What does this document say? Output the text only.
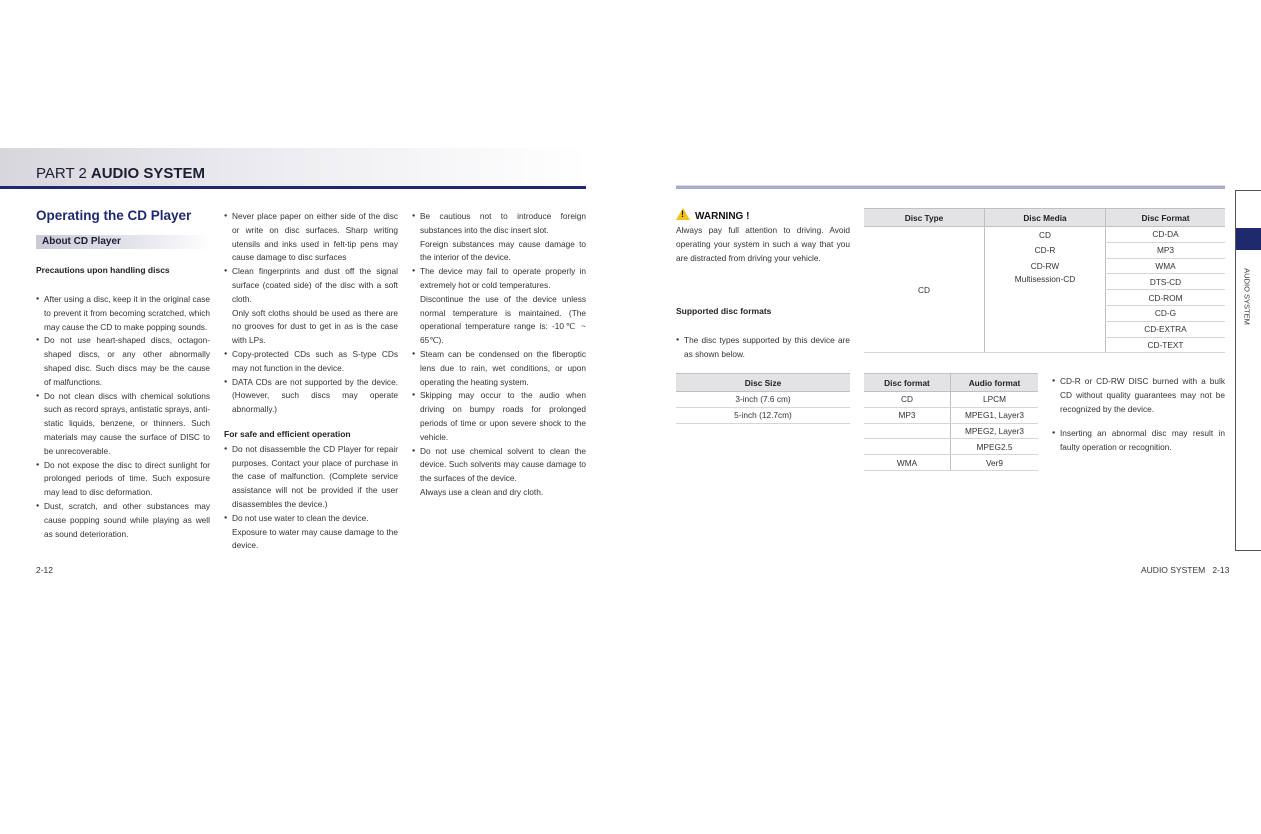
PART 2 AUDIO SYSTEM
Operating the CD Player
About CD Player
Precautions upon handling discs
● After using a disc, keep it in the original case to prevent it from becoming scratched, which may cause the CD to make popping sounds.
● Do not use heart-shaped discs, octagon-shaped discs, or any other abnormally shaped disc. Such discs may be the cause of malfunctions.
● Do not clean discs with chemical solutions such as record sprays, antistatic sprays, anti-static liquids, benzene, or thinners. Such materials may cause the surface of DISC to be unrecoverable.
● Do not expose the disc to direct sunlight for prolonged periods of time. Such exposure may lead to disc deformation.
● Dust, scratch, and other substances may cause popping sound while playing as well as sound deterioration.
● Never place paper on either side of the disc or write on disc surfaces. Sharp writing utensils and inks used in felt-tip pens may cause damage to disc surfaces
● Clean fingerprints and dust off the signal surface (coated side) of the disc with a soft cloth.
Only soft cloths should be used as there are no grooves for dust to get in as is the case with LPs.
● Copy-protected CDs such as S-type CDs may not function in the device.
● DATA CDs are not supported by the device. (However, such discs may operate abnormally.)
For safe and efficient operation
● Do not disassemble the CD Player for repair purposes. Contact your place of purchase in the case of malfunction. (Complete service assistance will not be provided if the user disassembles the device.)
● Do not use water to clean the device.
Exposure to water may cause damage to the device.
● Be cautious not to introduce foreign substances into the disc insert slot.
Foreign substances may cause damage to the interior of the device.
● The device may fail to operate properly in extremely hot or cold temperatures.
Discontinue the use of the device unless normal temperature is maintained. (The operational temperature range is: -10℃ ~ 65℃).
● Steam can be condensed on the fiberoptic lens due to rain, wet conditions, or upon operating the heating system.
● Skipping may occur to the audio when driving on bumpy roads for prolonged periods of time or upon severe shock to the vehicle.
● Do not use chemical solvent to clean the device. Such solvents may cause damage to the surfaces of the device.
Always use a clean and dry cloth.
2-12
!WARNING !
Always pay full attention to driving. Avoid operating your system in such a way that you are distracted from driving your vehicle.
Supported disc formats
● The disc types supported by this device are as shown below.
Disc Type	Disc Media	Disc Format
CD	CD	CD-DA
	CD-R	MP3
	CD-RW	WMA
	Multisession-CD	DTS-CD
		CD-ROM
		CD-G
		CD-EXTRA
		CD-TEXT
Disc Size
3-inch (7.6 cm)
5-inch (12.7cm)
Disc format	Audio format
CD	LPCM
MP3	MPEG1, Layer3
	MPEG2, Layer3
	MPEG2.5
WMA	Ver9
● CD-R or CD-RW DISC burned with a bulk CD without quality guarantees may not be recognized by the device.
● Inserting an abnormal disc may result in faulty operation or recognition.
AUDIO SYSTEM   2-13
AUDIO SYSTEM
